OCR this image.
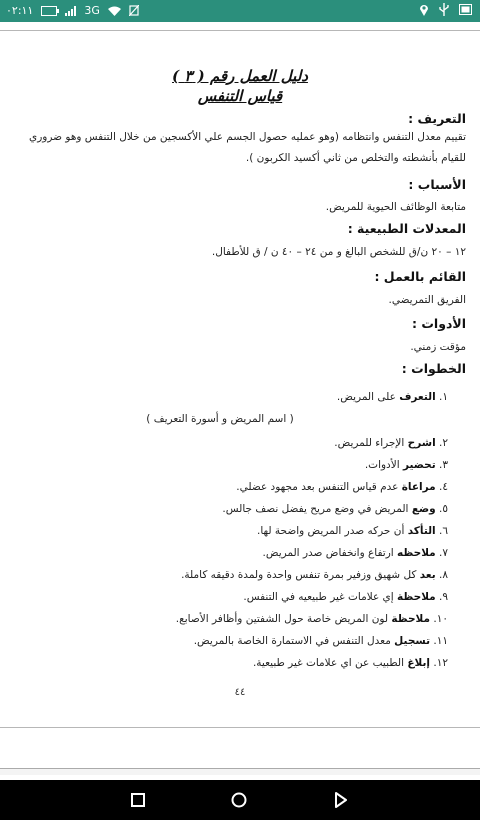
٠٢:١١	3G
دليل العمل رقم ( ٣ )
قياس التنفس
التعريف :
تقييم معدل التنفس وانتظامه (وهو عمليه حصول الجسم علي الأكسجين من خلال التنفس وهو ضروري للقيام بأنشطته والتخلص من ثاني أكسيد الكربون ).
الأسباب :
متابعة الوظائف الحيوية للمريض.
المعدلات الطبيعية :
١٢ – ٢٠ ن/ق للشخص البالغ و من ٢٤ – ٤٠ ن / ق للأطفال.
القائم بالعمل :
الفريق التمريضي.
الأدوات :
مؤقت زمني.
الخطوات :
١. التعرف على المريض.
( اسم المريض و أسورة التعريف )
٢. اشرح الإجراء للمريض.
٣. تحضير الأدوات.
٤. مراعاة عدم قياس التنفس بعد مجهود عضلي.
٥. وضع المريض في وضع مريح يفضل نصف جالس.
٦. التأكد أن حركه صدر المريض واضحة لها.
٧. ملاحظه ارتفاع وانخفاض صدر المريض.
٨. بعد كل شهيق وزفير بمرة تنفس واحدة ولمدة دقيقه كاملة.
٩. ملاحظة إي علامات غير طبيعيه في التنفس.
١٠. ملاحظة لون المريض خاصة حول الشفتين وأظافر الأصابع.
١١. تسجيل معدل التنفس في الاستمارة الخاصة بالمريض.
١٢. إبلاغ الطبيب عن اي علامات غير طبيعية.
٤٤
